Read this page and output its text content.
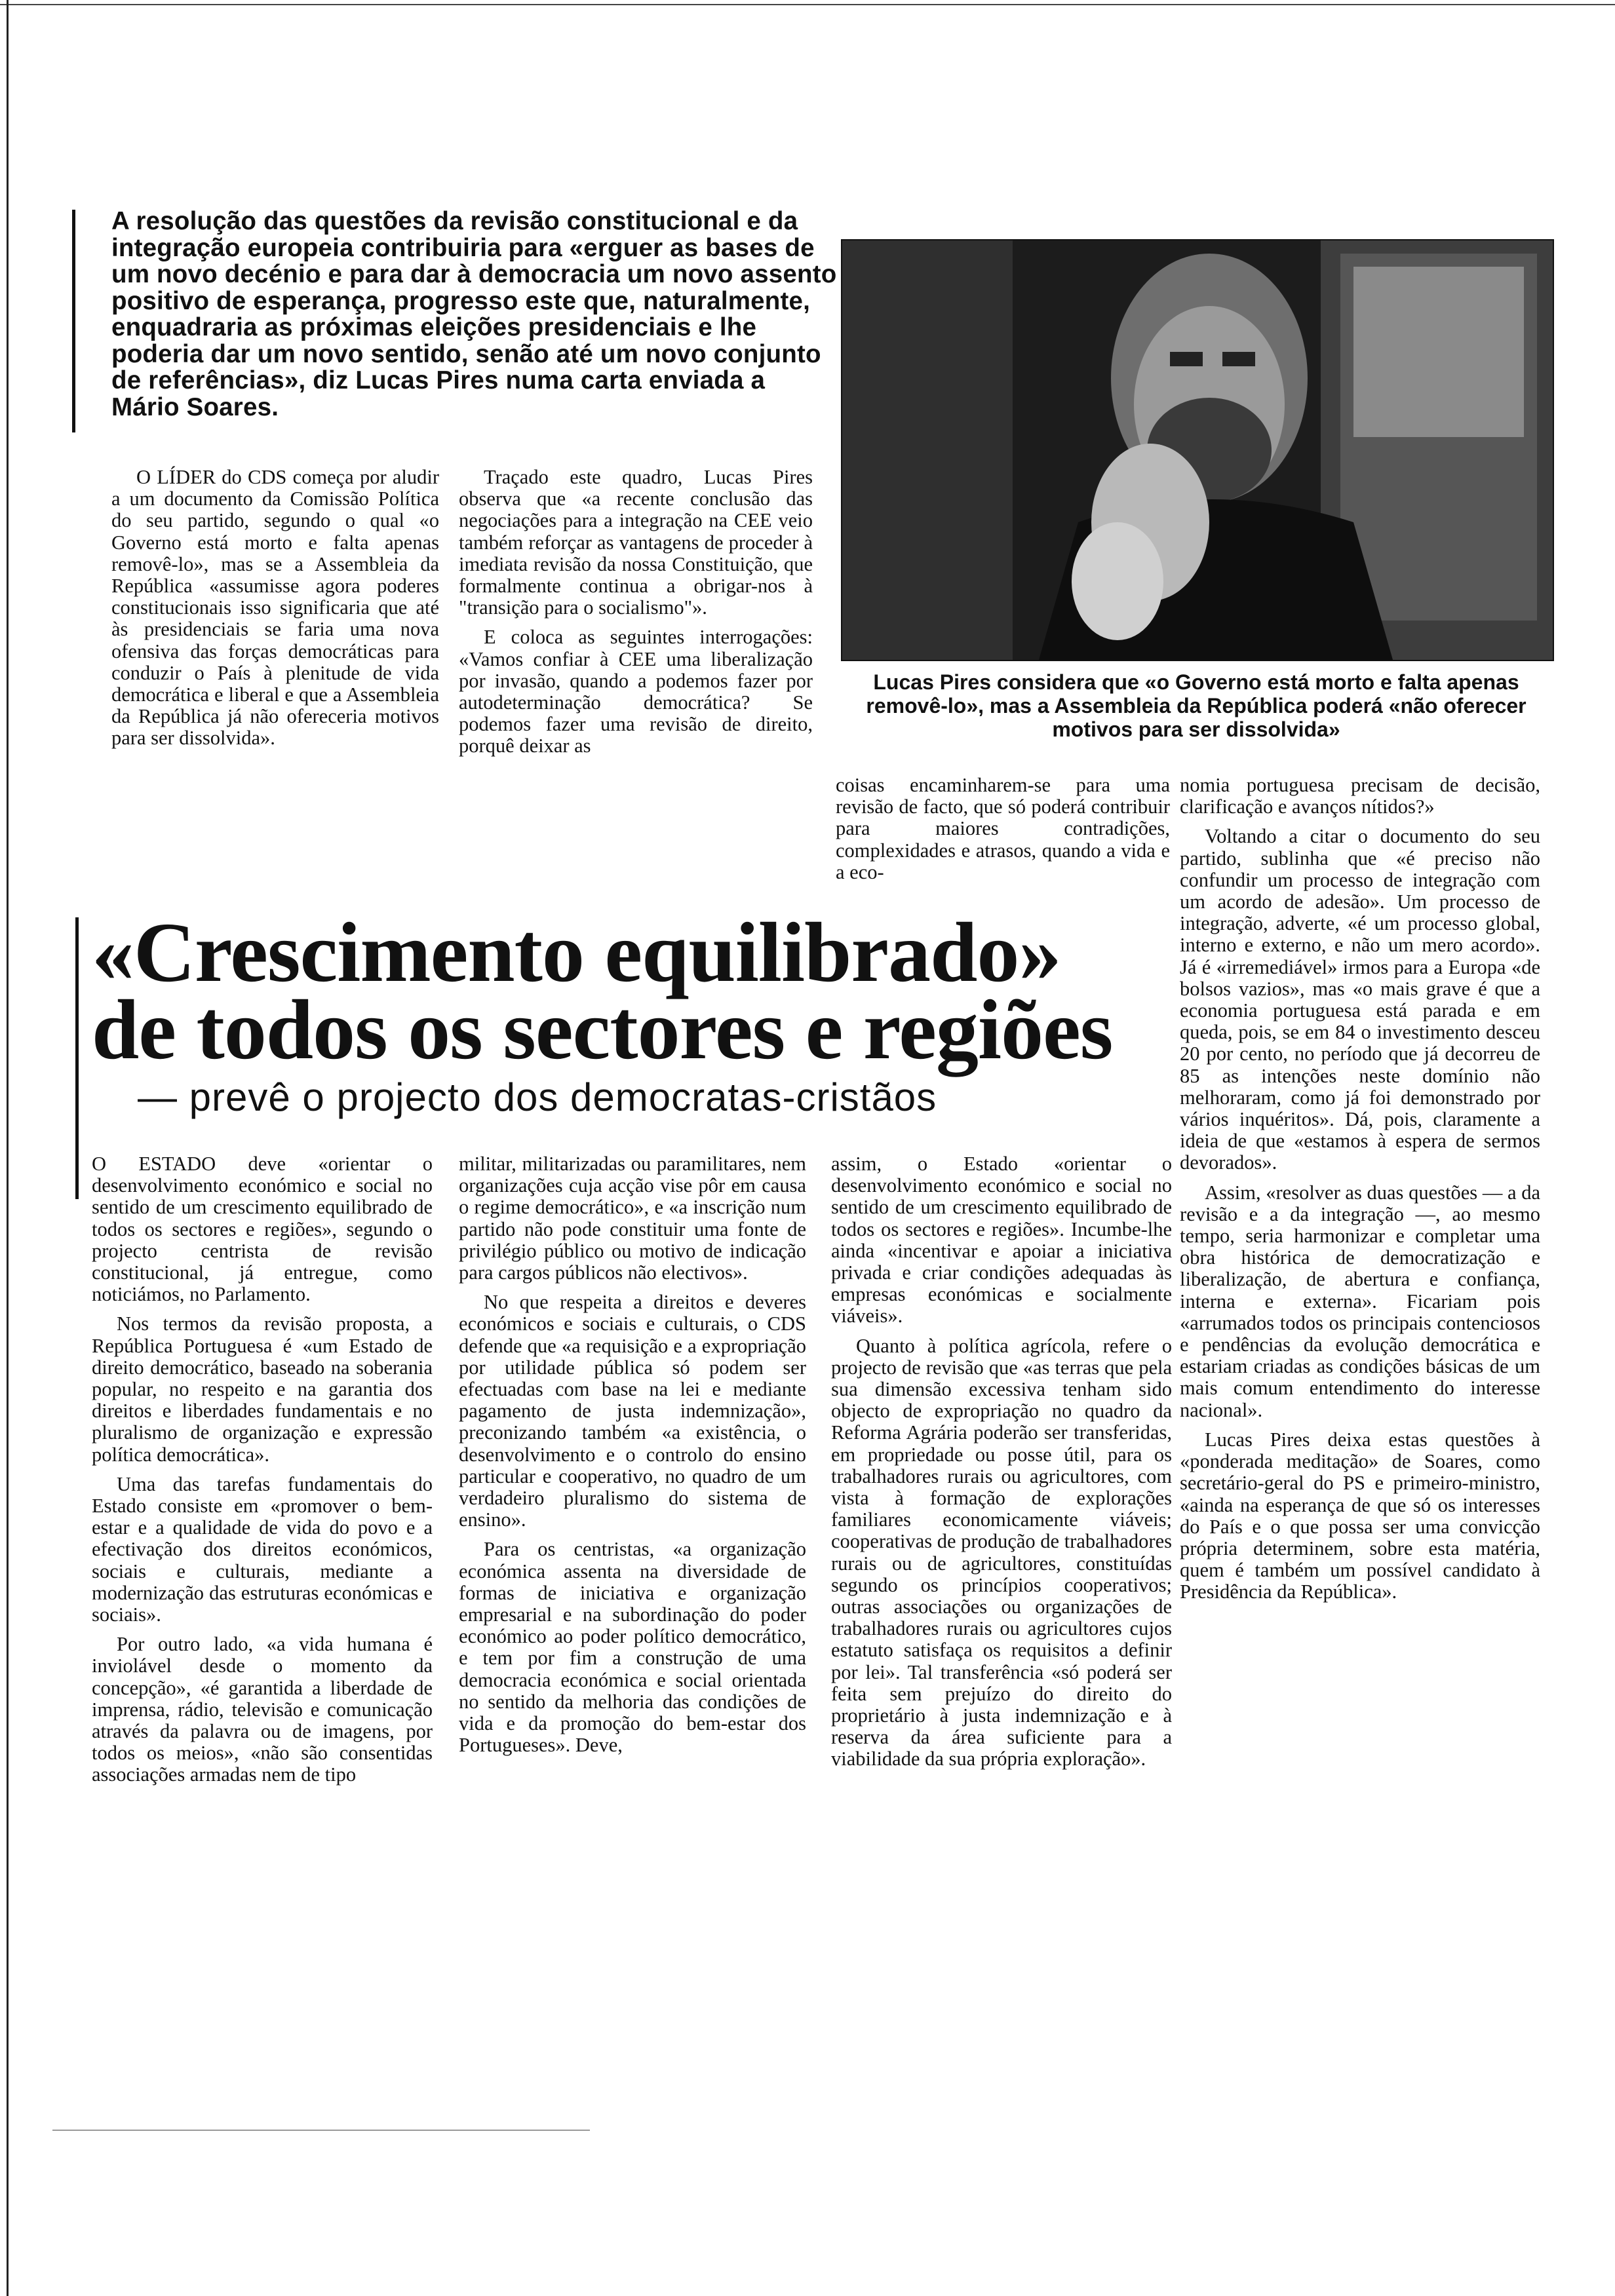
A resolução das questões da revisão constitucional e da integração europeia contribuiria para «erguer as bases de um novo decénio e para dar à democracia um novo assento positivo de esperança, progresso este que, naturalmente, enquadraria as próximas eleições presidenciais e lhe poderia dar um novo sentido, senão até um novo conjunto de referências», diz Lucas Pires numa carta enviada a Mário Soares.
Lucas Pires considera que «o Governo está morto e falta apenas removê-lo», mas a Assembleia da República poderá «não oferecer motivos para ser dissolvida»

O LÍDER do CDS começa por aludir a um documento da Comissão Política do seu partido, segundo o qual «o Governo está morto e falta apenas removê-lo», mas se a Assembleia da República «assumisse agora poderes constitucionais isso significaria que até às presidenciais se faria uma nova ofensiva das forças democráticas para conduzir o País à plenitude de vida democrática e liberal e que a Assembleia da República já não ofereceria motivos para ser dissolvida».

Traçado este quadro, Lucas Pires observa que «a recente conclusão das negociações para a integração na CEE veio também reforçar as vantagens de proceder à imediata revisão da nossa Constituição, que formalmente continua a obrigar-nos à "transição para o socialismo"».

E coloca as seguintes interrogações: «Vamos confiar à CEE uma liberalização por invasão, quando a podemos fazer por autodeterminação democrática? Se podemos fazer uma revisão de direito, porquê deixar as

coisas encaminharem-se para uma revisão de facto, que só poderá contribuir para maiores contradições, complexidades e atrasos, quando a vida e a eco-

nomia portuguesa precisam de decisão, clarificação e avanços nítidos?»

Voltando a citar o documento do seu partido, sublinha que «é preciso não confundir um processo de integração com um acordo de adesão». Um processo de integração, adverte, «é um processo global, interno e externo, e não um mero acordo». Já é «irremediável» irmos para a Europa «de bolsos vazios», mas «o mais grave é que a economia portuguesa está parada e em queda, pois, se em 84 o investimento desceu 20 por cento, no período que já decorreu de 85 as intenções neste domínio não melhoraram, como já foi demonstrado por vários inquéritos». Dá, pois, claramente a ideia de que «estamos à espera de sermos devorados».

Assim, «resolver as duas questões — a da revisão e a da integração —, ao mesmo tempo, seria harmonizar e completar uma obra histórica de democratização e liberalização, de abertura e confiança, interna e externa». Ficariam pois «arrumados todos os principais contenciosos e pendências da evolução democrática e estariam criadas as condições básicas de um mais comum entendimento do interesse nacional».

Lucas Pires deixa estas questões à «ponderada meditação» de Soares, como secretário-geral do PS e primeiro-ministro, «ainda na esperança de que só os interesses do País e o que possa ser uma convicção própria determinem, sobre esta matéria, quem é também um possível candidato à Presidência da República».

«Crescimento equilibrado»
de todos os sectores e regiões
— prevê o projecto dos democratas-cristãos

O ESTADO deve «orientar o desenvolvimento económico e social no sentido de um crescimento equilibrado de todos os sectores e regiões», segundo o projecto centrista de revisão constitucional, já entregue, como noticiámos, no Parlamento.

Nos termos da revisão proposta, a República Portuguesa é «um Estado de direito democrático, baseado na soberania popular, no respeito e na garantia dos direitos e liberdades fundamentais e no pluralismo de organização e expressão política democrática».

Uma das tarefas fundamentais do Estado consiste em «promover o bem-estar e a qualidade de vida do povo e a efectivação dos direitos económicos, sociais e culturais, mediante a modernização das estruturas económicas e sociais».

Por outro lado, «a vida humana é inviolável desde o momento da concepção», «é garantida a liberdade de imprensa, rádio, televisão e comunicação através da palavra ou de imagens, por todos os meios», «não são consentidas associações armadas nem de tipo

militar, militarizadas ou paramilitares, nem organizações cuja acção vise pôr em causa o regime democrático», e «a inscrição num partido não pode constituir uma fonte de privilégio público ou motivo de indicação para cargos públicos não electivos».

No que respeita a direitos e deveres económicos e sociais e culturais, o CDS defende que «a requisição e a expropriação por utilidade pública só podem ser efectuadas com base na lei e mediante pagamento de justa indemnização», preconizando também «a existência, o desenvolvimento e o controlo do ensino particular e cooperativo, no quadro de um verdadeiro pluralismo do sistema de ensino».

Para os centristas, «a organização económica assenta na diversidade de formas de iniciativa e organização empresarial e na subordinação do poder económico ao poder político democrático, e tem por fim a construção de uma democracia económica e social orientada no sentido da melhoria das condições de vida e da promoção do bem-estar dos Portugueses». Deve,

assim, o Estado «orientar o desenvolvimento económico e social no sentido de um crescimento equilibrado de todos os sectores e regiões». Incumbe-lhe ainda «incentivar e apoiar a iniciativa privada e criar condições adequadas às empresas económicas e socialmente viáveis».

Quanto à política agrícola, refere o projecto de revisão que «as terras que pela sua dimensão excessiva tenham sido objecto de expropriação no quadro da Reforma Agrária poderão ser transferidas, em propriedade ou posse útil, para os trabalhadores rurais ou agricultores, com vista à formação de explorações familiares economicamente viáveis; cooperativas de produção de trabalhadores rurais ou de agricultores, constituídas segundo os princípios cooperativos; outras associações ou organizações de trabalhadores rurais ou agricultores cujos estatuto satisfaça os requisitos a definir por lei». Tal transferência «só poderá ser feita sem prejuízo do direito do proprietário à justa indemnização e à reserva da área suficiente para a viabilidade da sua própria exploração».
